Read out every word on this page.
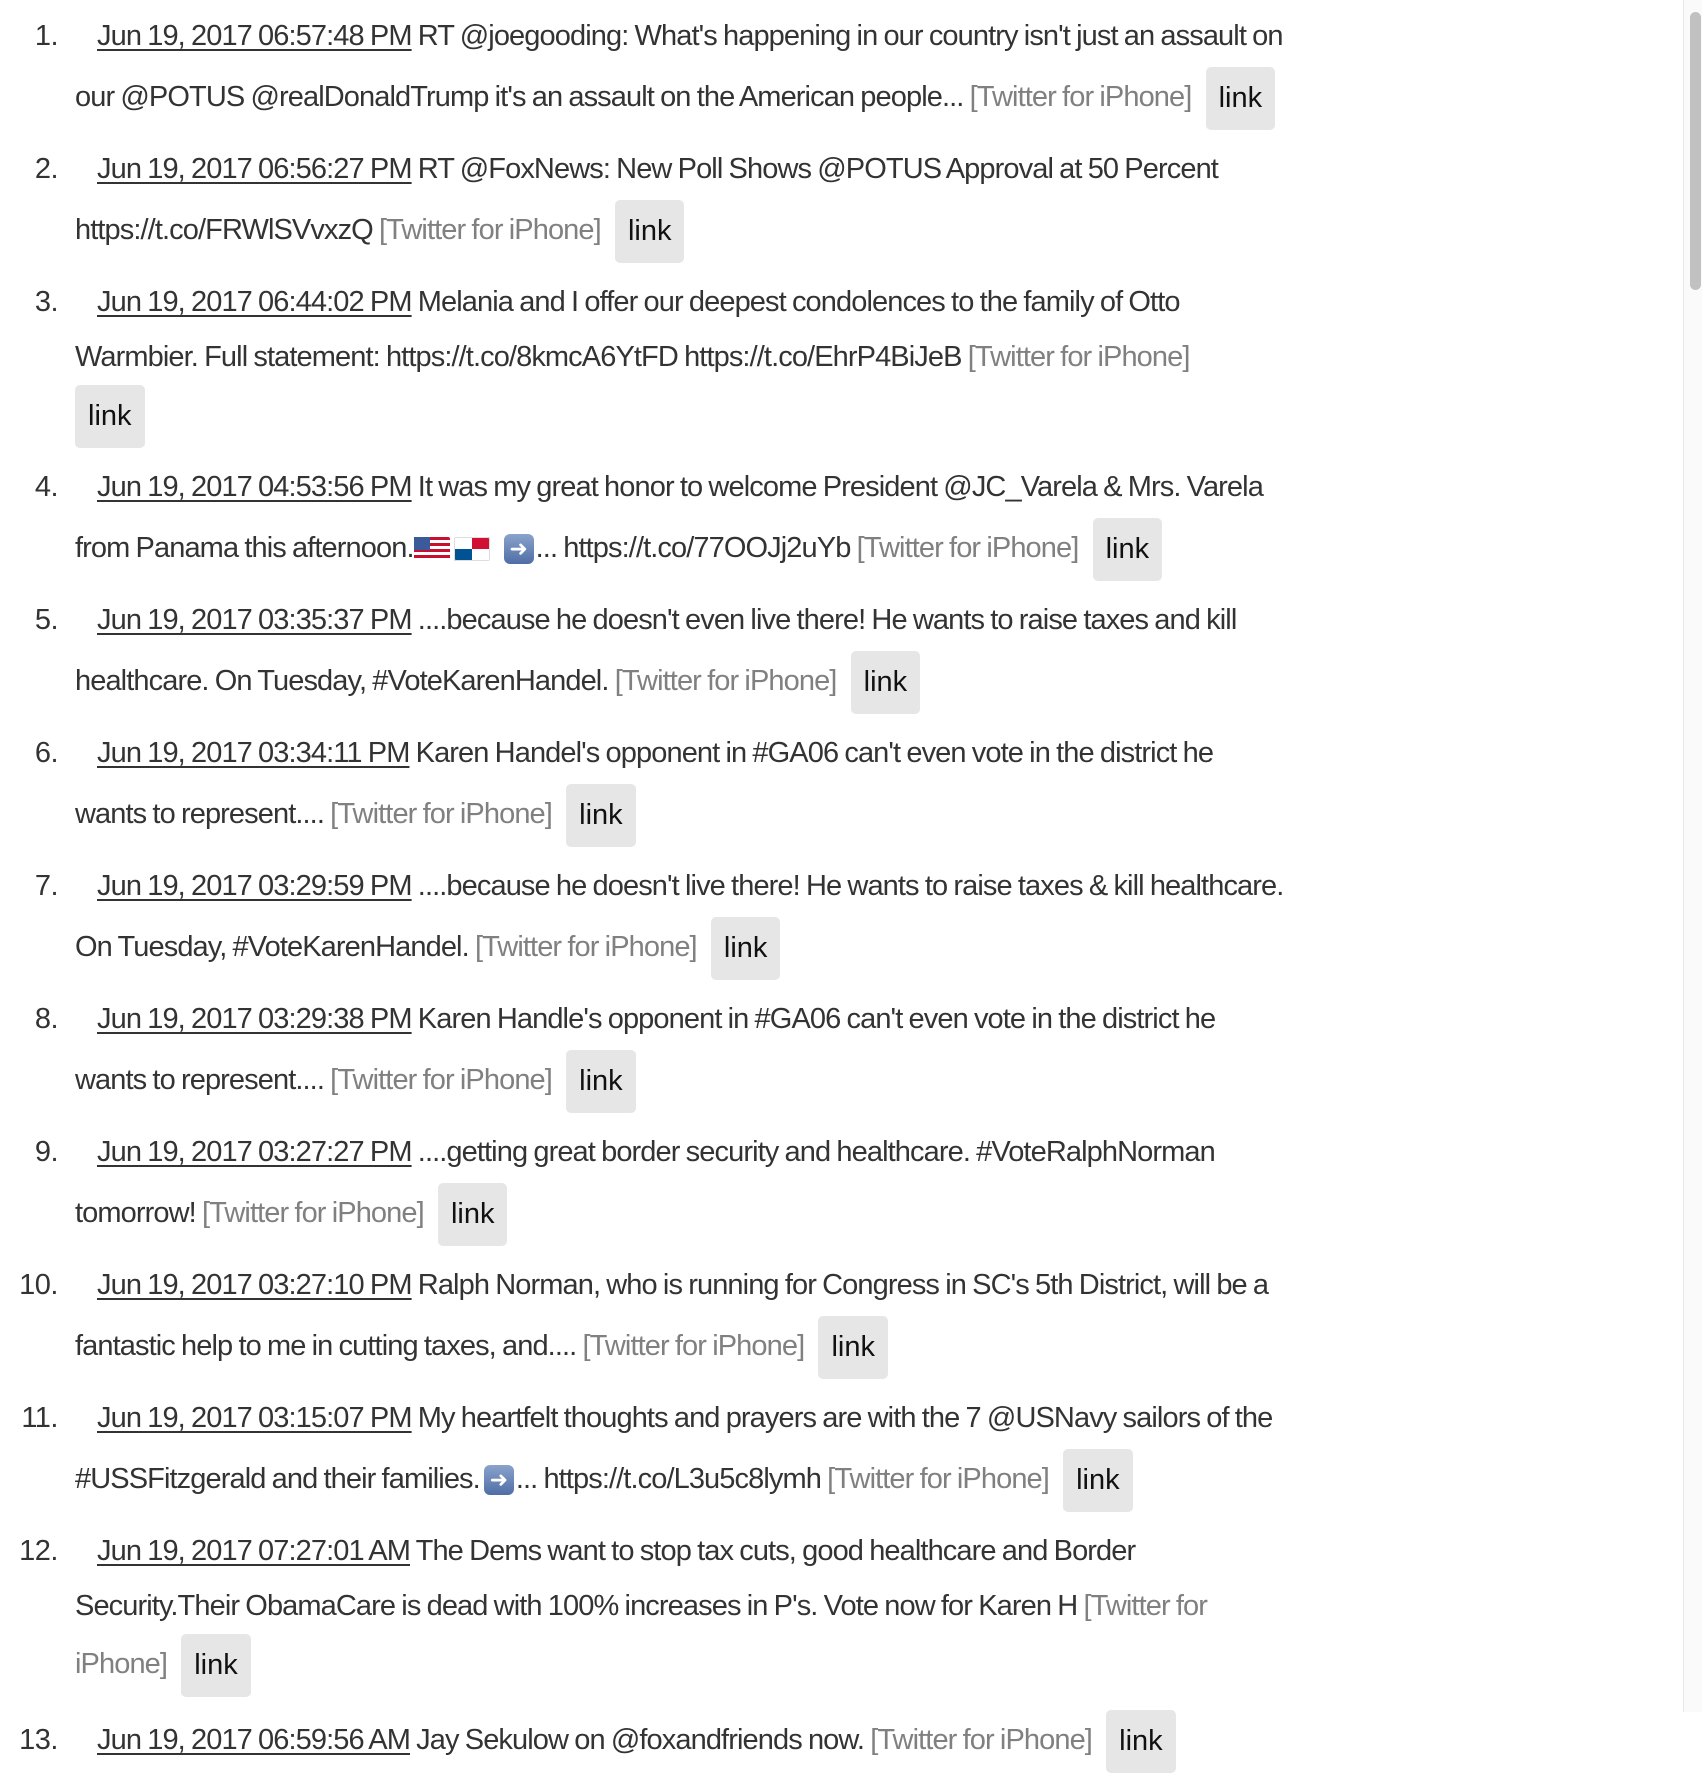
1.	Jun 19, 2017 06:57:48 PM RT @joegooding: What's happening in our country isn't just an assault on
our @POTUS @realDonaldTrump it's an assault on the American people... [Twitter for iPhone] link
2.	Jun 19, 2017 06:56:27 PM RT @FoxNews: New Poll Shows @POTUS Approval at 50 Percent
https://t.co/FRWlSVvxzQ [Twitter for iPhone] link
3.	Jun 19, 2017 06:44:02 PM Melania and I offer our deepest condolences to the family of Otto
Warmbier. Full statement: https://t.co/8kmcA6YtFD https://t.co/EhrP4BiJeB [Twitter for iPhone]
link
4.	Jun 19, 2017 04:53:56 PM It was my great honor to welcome President @JC_Varela & Mrs. Varela
from Panama this afternoon.	➜ ... https://t.co/77OOJj2uYb [Twitter for iPhone] link
5.	Jun 19, 2017 03:35:37 PM ....because he doesn't even live there! He wants to raise taxes and kill
healthcare. On Tuesday, #VoteKarenHandel. [Twitter for iPhone] link
6.	Jun 19, 2017 03:34:11 PM Karen Handel's opponent in #GA06 can't even vote in the district he
wants to represent.... [Twitter for iPhone] link
7.	Jun 19, 2017 03:29:59 PM ....because he doesn't live there! He wants to raise taxes & kill healthcare.
On Tuesday, #VoteKarenHandel. [Twitter for iPhone] link
8.	Jun 19, 2017 03:29:38 PM Karen Handle's opponent in #GA06 can't even vote in the district he
wants to represent.... [Twitter for iPhone] link
9.	Jun 19, 2017 03:27:27 PM ....getting great border security and healthcare. #VoteRalphNorman
tomorrow! [Twitter for iPhone] link
10.	Jun 19, 2017 03:27:10 PM Ralph Norman, who is running for Congress in SC's 5th District, will be a
fantastic help to me in cutting taxes, and.... [Twitter for iPhone] link
11.	Jun 19, 2017 03:15:07 PM My heartfelt thoughts and prayers are with the 7 @USNavy sailors of the
#USSFitzgerald and their families. ➜ ... https://t.co/L3u5c8lymh [Twitter for iPhone] link
12.	Jun 19, 2017 07:27:01 AM The Dems want to stop tax cuts, good healthcare and Border
Security.Their ObamaCare is dead with 100% increases in P's. Vote now for Karen H [Twitter for
iPhone] link
13.	Jun 19, 2017 06:59:56 AM Jay Sekulow on @foxandfriends now. [Twitter for iPhone] link
